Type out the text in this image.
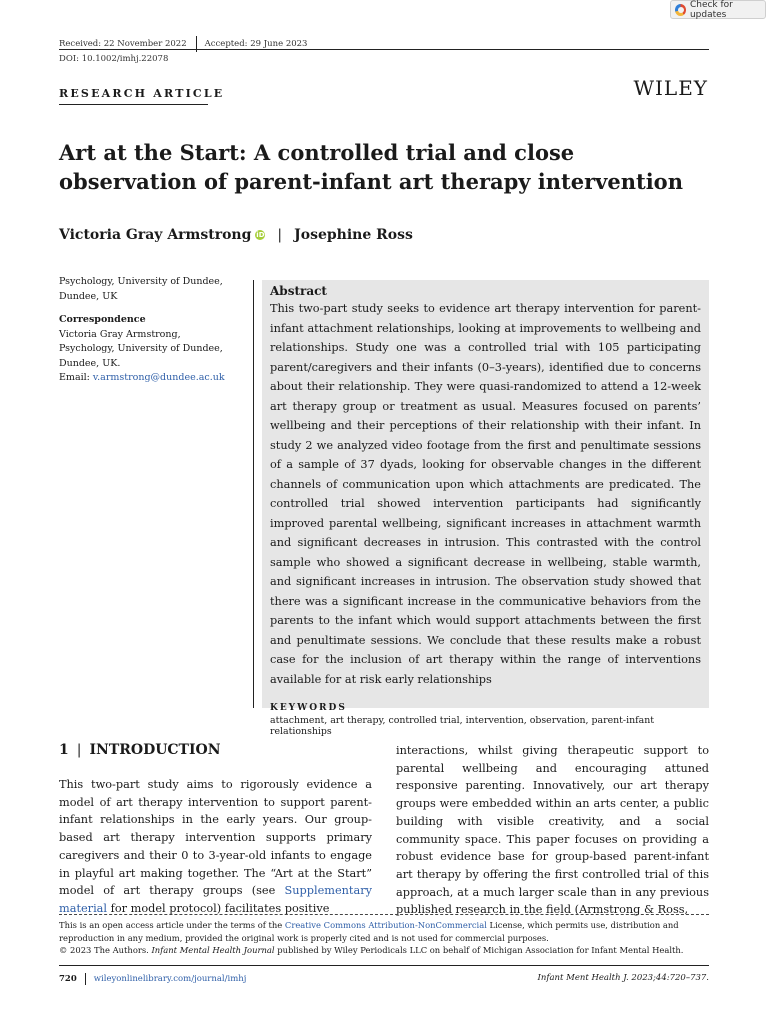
Check for updates
Received: 22 November 2022 Accepted: 29 June 2023
DOI: 10.1002/imhj.22078
RESEARCH ARTICLE	WILEY
Art at the Start: A controlled trial and close observation of parent-infant art therapy intervention
Victoria Gray Armstrong iD | Josephine Ross

Psychology, University of Dundee, Dundee, UK

Correspondence
Victoria Gray Armstrong, Psychology, University of Dundee, Dundee, UK.
Email: v.armstrong@dundee.ac.uk

Abstract

This two-part study seeks to evidence art therapy intervention for parent-infant attachment relationships, looking at improvements to wellbeing and relationships. Study one was a controlled trial with 105 participating parent/caregivers and their infants (0–3-years), identified due to concerns about their relationship. They were quasi-randomized to attend a 12-week art therapy group or treatment as usual. Measures focused on parents’ wellbeing and their perceptions of their relationship with their infant. In study 2 we analyzed video footage from the first and penultimate sessions of a sample of 37 dyads, looking for observable changes in the different channels of communication upon which attachments are predicated. The controlled trial showed intervention participants had significantly improved parental wellbeing, significant increases in attachment warmth and significant decreases in intrusion. This contrasted with the control sample who showed a significant decrease in wellbeing, stable warmth, and significant increases in intrusion. The observation study showed that there was a significant increase in the communicative behaviors from the parents to the infant which would support attachments between the first and penultimate sessions. We conclude that these results make a robust case for the inclusion of art therapy within the range of interventions available for at risk early relationships

KEYWORDS

attachment, art therapy, controlled trial, intervention, observation, parent-infant relationships

1 | INTRODUCTION

This two-part study aims to rigorously evidence a model of art therapy intervention to support parent-infant relationships in the early years. Our group-based art therapy intervention supports primary caregivers and their 0 to 3-year-old infants to engage in playful art making together. The “Art at the Start” model of art therapy groups (see Supplementary material for model protocol) facilitates positive

interactions, whilst giving therapeutic support to parental wellbeing and encouraging attuned responsive parenting. Innovatively, our art therapy groups were embedded within an arts center, a public building with visible creativity, and a social community space. This paper focuses on providing a robust evidence base for group-based parent-infant art therapy by offering the first controlled trial of this approach, at a much larger scale than in any previous published research in the field (Armstrong & Ross,

This is an open access article under the terms of the Creative Commons Attribution-NonCommercial License, which permits use, distribution and reproduction in any medium, provided the original work is properly cited and is not used for commercial purposes.

© 2023 The Authors. Infant Mental Health Journal published by Wiley Periodicals LLC on behalf of Michigan Association for Infant Mental Health.
720 wileyonlinelibrary.com/journal/imhj	Infant Ment Health J. 2023;44:720–737.
